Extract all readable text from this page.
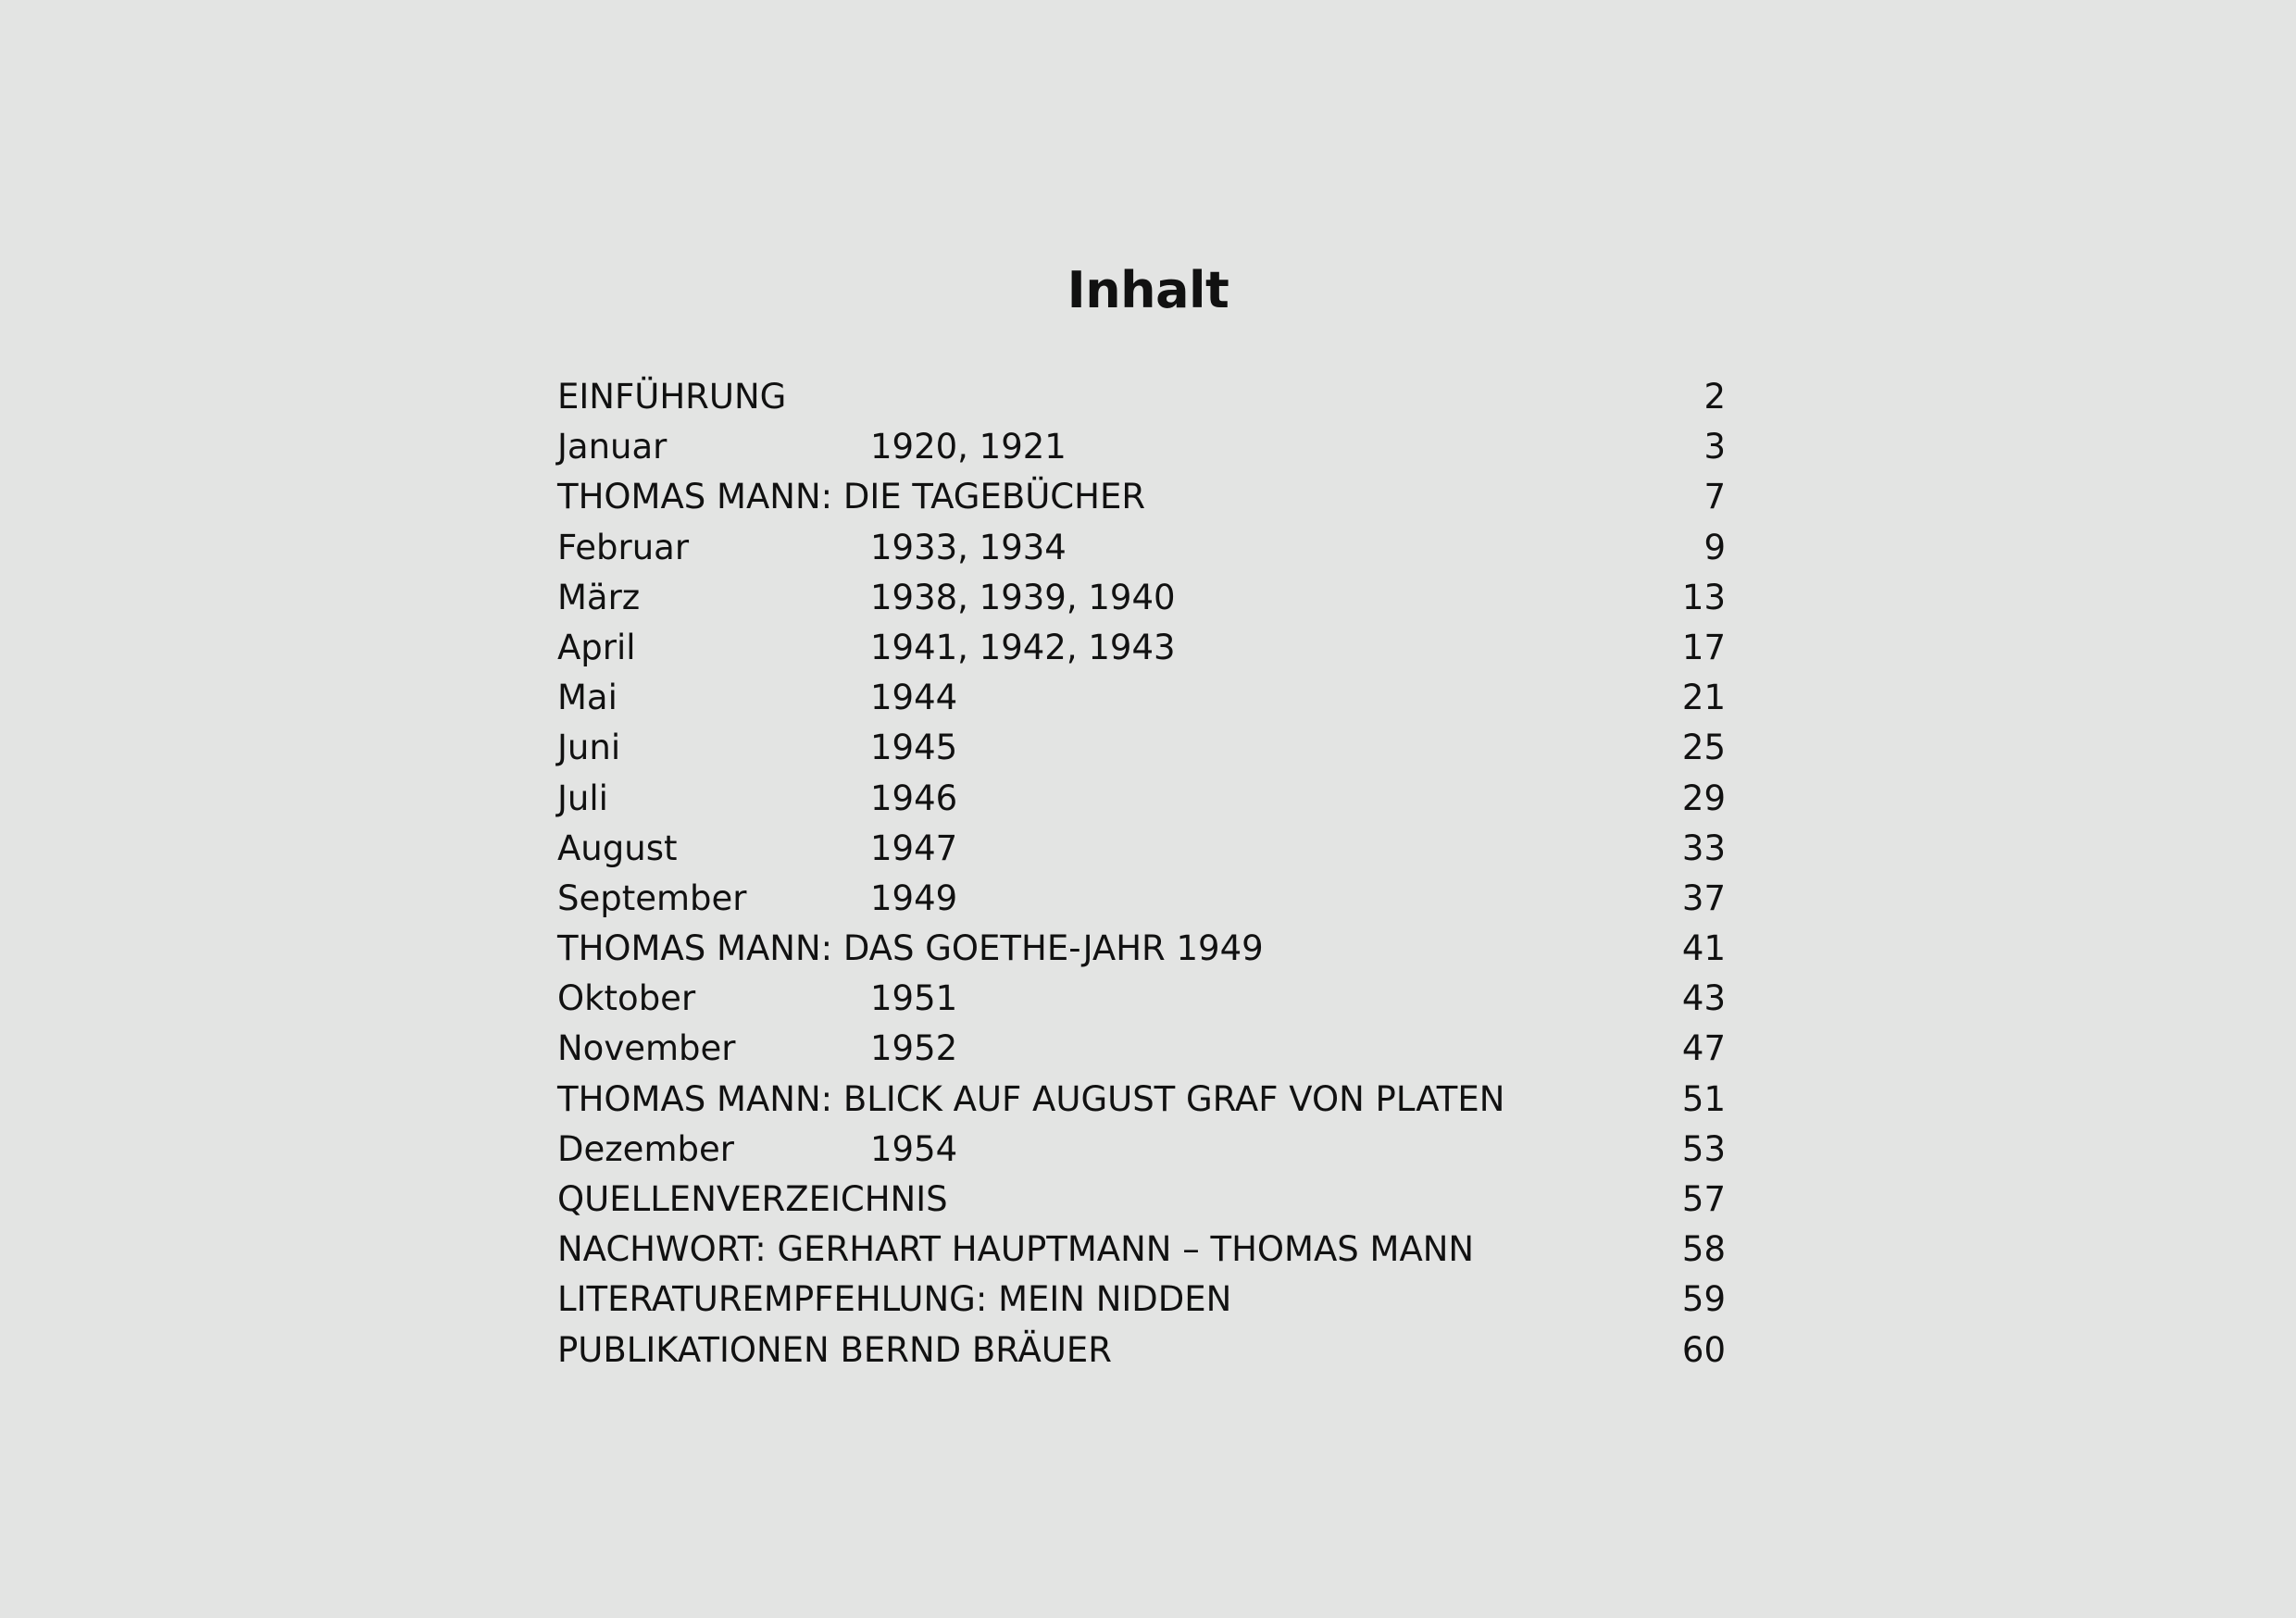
Inhalt
EINFÜHRUNG	2
Januar	1920, 1921	3
THOMAS MANN: DIE TAGEBÜCHER	7
Februar	1933, 1934	9
März	1938, 1939, 1940	13
April	1941, 1942, 1943	17
Mai	1944	21
Juni	1945	25
Juli	1946	29
August	1947	33
September	1949	37
THOMAS MANN: DAS GOETHE-JAHR 1949	41
Oktober	1951	43
November	1952	47
THOMAS MANN: BLICK AUF AUGUST GRAF VON PLATEN	51
Dezember	1954	53
QUELLENVERZEICHNIS	57
NACHWORT: GERHART HAUPTMANN – THOMAS MANN	58
LITERATUREMPFEHLUNG: MEIN NIDDEN	59
PUBLIKATIONEN BERND BRÄUER	60
